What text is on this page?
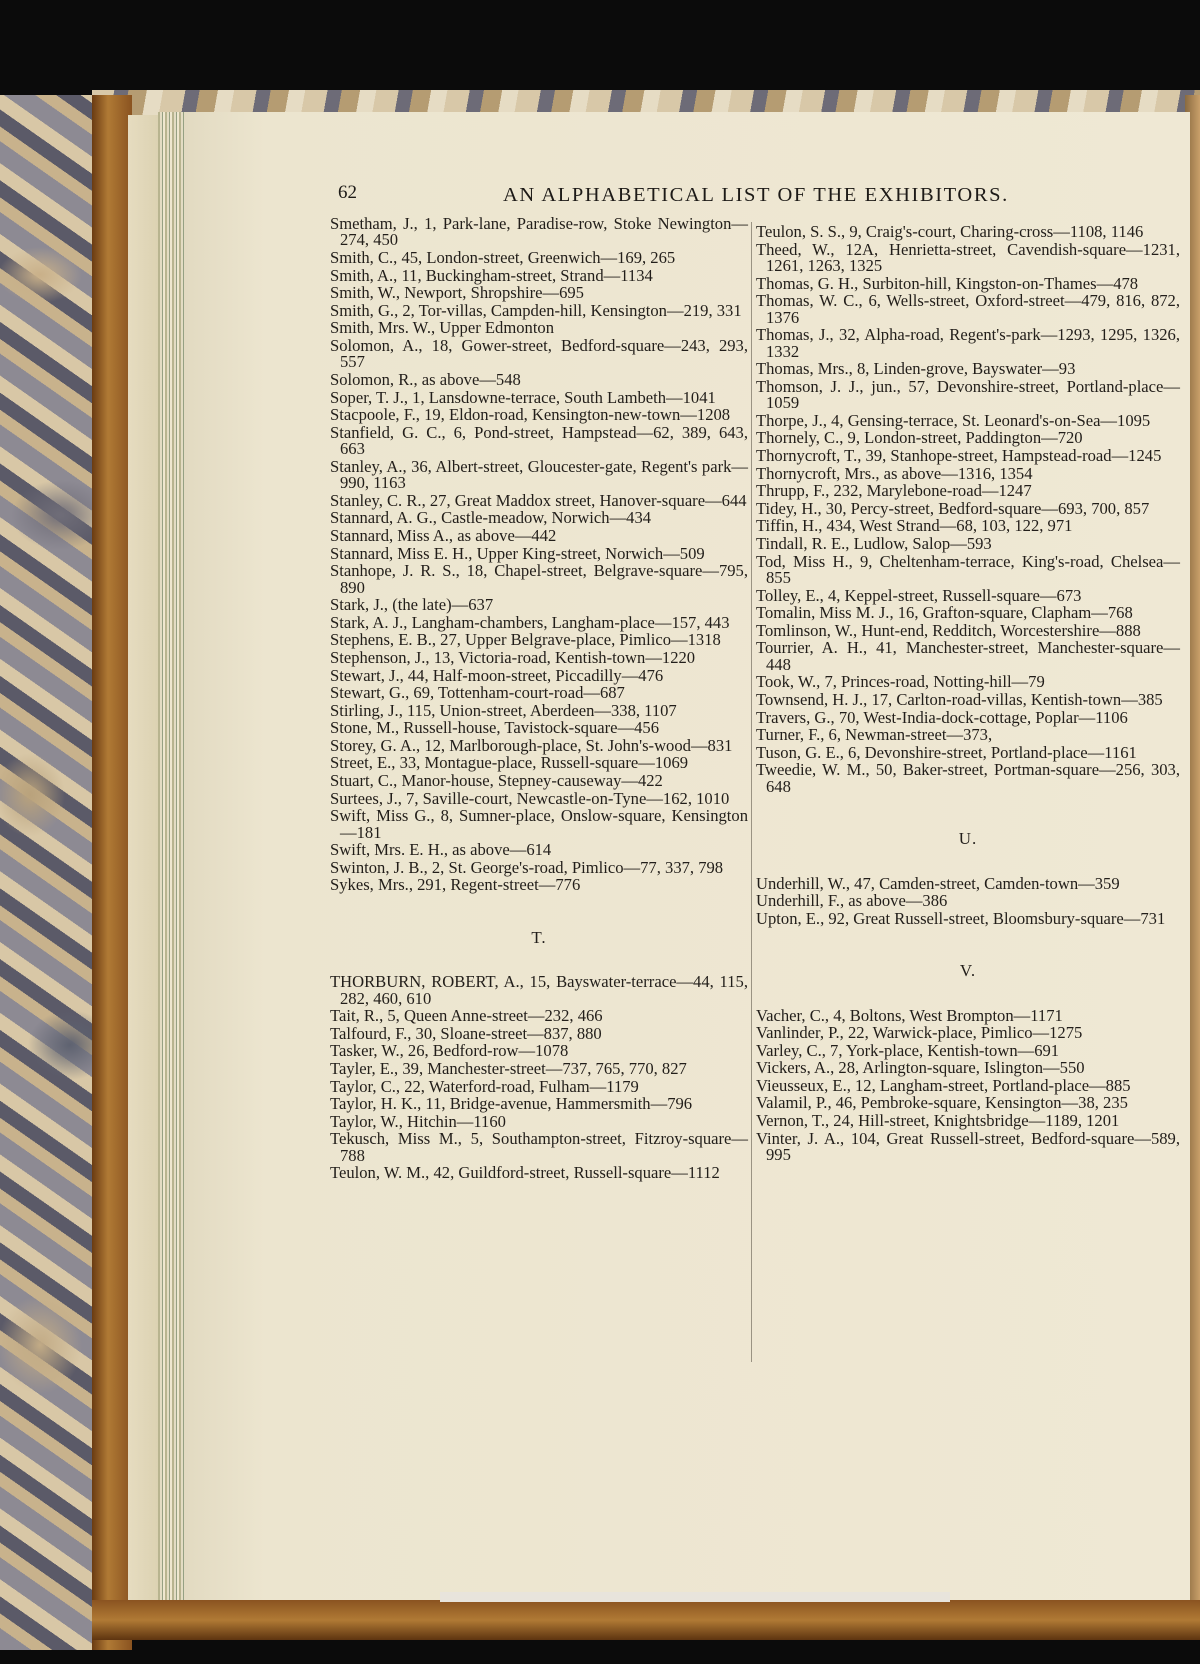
62	AN ALPHABETICAL LIST OF THE EXHIBITORS.

Smetham, J., 1, Park-lane, Paradise-row, Stoke Newington—274, 450

Smith, C., 45, London-street, Greenwich—169, 265

Smith, A., 11, Buckingham-street, Strand—1134

Smith, W., Newport, Shropshire—695

Smith, G., 2, Tor-villas, Campden-hill, Kensington—219, 331

Smith, Mrs. W., Upper Edmonton

Solomon, A., 18, Gower-street, Bedford-square—243, 293, 557

Solomon, R., as above—548

Soper, T. J., 1, Lansdowne-terrace, South Lambeth—1041

Stacpoole, F., 19, Eldon-road, Kensington-new-town—1208

Stanfield, G. C., 6, Pond-street, Hampstead—62, 389, 643, 663

Stanley, A., 36, Albert-street, Gloucester-gate, Regent's park—990, 1163

Stanley, C. R., 27, Great Maddox street, Hanover-square—644

Stannard, A. G., Castle-meadow, Norwich—434

Stannard, Miss A., as above—442

Stannard, Miss E. H., Upper King-street, Norwich—509

Stanhope, J. R. S., 18, Chapel-street, Belgrave-square—795, 890

Stark, J., (the late)—637

Stark, A. J., Langham-chambers, Langham-place—157, 443

Stephens, E. B., 27, Upper Belgrave-place, Pimlico—1318

Stephenson, J., 13, Victoria-road, Kentish-town—1220

Stewart, J., 44, Half-moon-street, Piccadilly—476

Stewart, G., 69, Tottenham-court-road—687

Stirling, J., 115, Union-street, Aberdeen—338, 1107

Stone, M., Russell-house, Tavistock-square—456

Storey, G. A., 12, Marlborough-place, St. John's-wood—831

Street, E., 33, Montague-place, Russell-square—1069

Stuart, C., Manor-house, Stepney-causeway—422

Surtees, J., 7, Saville-court, Newcastle-on-Tyne—162, 1010

Swift, Miss G., 8, Sumner-place, Onslow-square, Kensington—181

Swift, Mrs. E. H., as above—614

Swinton, J. B., 2, St. George's-road, Pimlico—77, 337, 798

Sykes, Mrs., 291, Regent-street—776

T.

THORBURN, ROBERT, A., 15, Bayswater-terrace—44, 115, 282, 460, 610

Tait, R., 5, Queen Anne-street—232, 466

Talfourd, F., 30, Sloane-street—837, 880

Tasker, W., 26, Bedford-row—1078

Tayler, E., 39, Manchester-street—737, 765, 770, 827

Taylor, C., 22, Waterford-road, Fulham—1179

Taylor, H. K., 11, Bridge-avenue, Hammersmith—796

Taylor, W., Hitchin—1160

Tekusch, Miss M., 5, Southampton-street, Fitzroy-square—788

Teulon, W. M., 42, Guildford-street, Russell-square—1112

Teulon, S. S., 9, Craig's-court, Charing-cross—1108, 1146

Theed, W., 12A, Henrietta-street, Cavendish-square—1231, 1261, 1263, 1325

Thomas, G. H., Surbiton-hill, Kingston-on-Thames—478

Thomas, W. C., 6, Wells-street, Oxford-street—479, 816, 872, 1376

Thomas, J., 32, Alpha-road, Regent's-park—1293, 1295, 1326, 1332

Thomas, Mrs., 8, Linden-grove, Bayswater—93

Thomson, J. J., jun., 57, Devonshire-street, Portland-place—1059

Thorpe, J., 4, Gensing-terrace, St. Leonard's-on-Sea—1095

Thornely, C., 9, London-street, Paddington—720

Thornycroft, T., 39, Stanhope-street, Hampstead-road—1245

Thornycroft, Mrs., as above—1316, 1354

Thrupp, F., 232, Marylebone-road—1247

Tidey, H., 30, Percy-street, Bedford-square—693, 700, 857

Tiffin, H., 434, West Strand—68, 103, 122, 971

Tindall, R. E., Ludlow, Salop—593

Tod, Miss H., 9, Cheltenham-terrace, King's-road, Chelsea—855

Tolley, E., 4, Keppel-street, Russell-square—673

Tomalin, Miss M. J., 16, Grafton-square, Clapham—768

Tomlinson, W., Hunt-end, Redditch, Worcestershire—888

Tourrier, A. H., 41, Manchester-street, Manchester-square—448

Took, W., 7, Princes-road, Notting-hill—79

Townsend, H. J., 17, Carlton-road-villas, Kentish-town—385

Travers, G., 70, West-India-dock-cottage, Poplar—1106

Turner, F., 6, Newman-street—373,

Tuson, G. E., 6, Devonshire-street, Portland-place—1161

Tweedie, W. M., 50, Baker-street, Portman-square—256, 303, 648

U.

Underhill, W., 47, Camden-street, Camden-town—359

Underhill, F., as above—386

Upton, E., 92, Great Russell-street, Bloomsbury-square—731

V.

Vacher, C., 4, Boltons, West Brompton—1171

Vanlinder, P., 22, Warwick-place, Pimlico—1275

Varley, C., 7, York-place, Kentish-town—691

Vickers, A., 28, Arlington-square, Islington—550

Vieusseux, E., 12, Langham-street, Portland-place—885

Valamil, P., 46, Pembroke-square, Kensington—38, 235

Vernon, T., 24, Hill-street, Knightsbridge—1189, 1201

Vinter, J. A., 104, Great Russell-street, Bedford-square—589, 995
